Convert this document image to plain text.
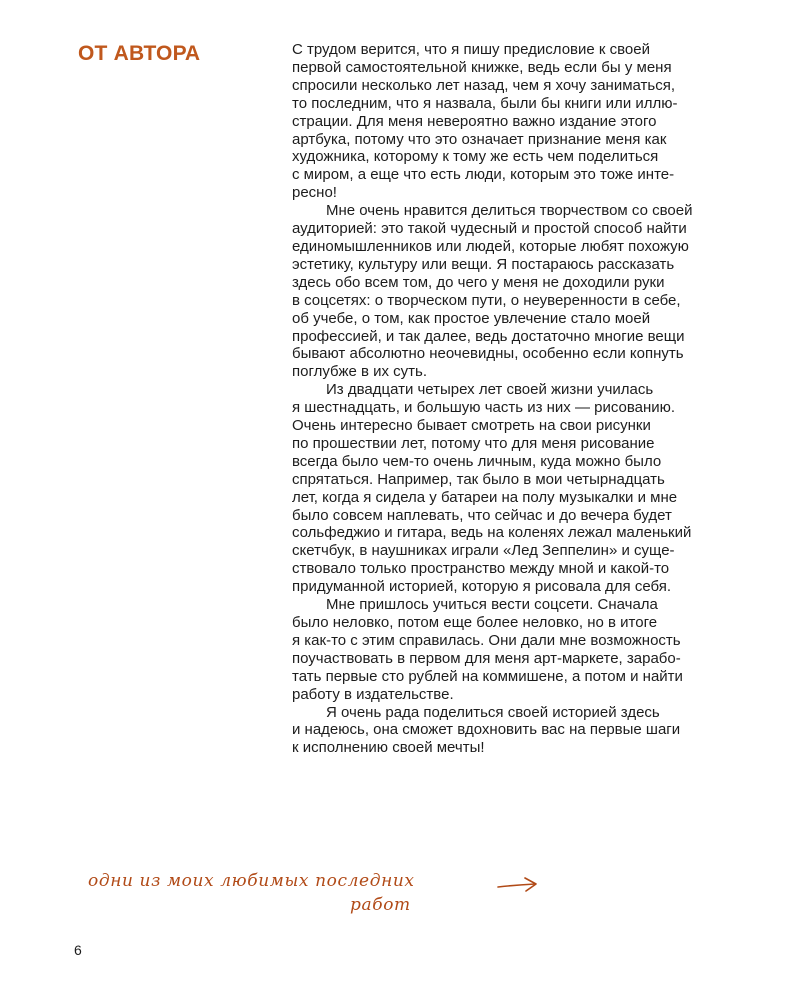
ОТ АВТОРА	С трудом верится, что я пишу предисловие к своей
первой самостоятельной книжке, ведь если бы у меня
спросили несколько лет назад, чем я хочу заниматься,
то последним, что я назвала, были бы книги или иллю-
страции. Для меня невероятно важно издание этого
артбука, потому что это означает признание меня как
художника, которому к тому же есть чем поделиться
с миром, а еще что есть люди, которым это тоже инте-
ресно!

Мне очень нравится делиться творчеством со своей
аудиторией: это такой чудесный и простой способ найти
единомышленников или людей, которые любят похожую
эстетику, культуру или вещи. Я постараюсь рассказать
здесь обо всем том, до чего у меня не доходили руки
в соцсетях: о творческом пути, о неуверенности в себе,
об учебе, о том, как простое увлечение стало моей
профессией, и так далее, ведь достаточно многие вещи
бывают абсолютно неочевидны, особенно если копнуть
поглубже в их суть.

Из двадцати четырех лет своей жизни училась
я шестнадцать, и большую часть из них — рисованию.
Очень интересно бывает смотреть на свои рисунки
по прошествии лет, потому что для меня рисование
всегда было чем-то очень личным, куда можно было
спрятаться. Например, так было в мои четырнадцать
лет, когда я сидела у батареи на полу музыкалки и мне
было совсем наплевать, что сейчас и до вечера будет
сольфеджио и гитара, ведь на коленях лежал маленький
скетчбук, в наушниках играли «Лед Зеппелин» и суще-
ствовало только пространство между мной и какой-то
придуманной историей, которую я рисовала для себя.

Мне пришлось учиться вести соцсети. Сначала
было неловко, потом еще более неловко, но в итоге
я как-то с этим справилась. Они дали мне возможность
поучаствовать в первом для меня арт-маркете, зарабо-
тать первые сто рублей на коммишене, а потом и найти
работу в издательстве.

Я очень рада поделиться своей историей здесь
и надеюсь, она сможет вдохновить вас на первые шаги
к исполнению своей мечты!

одни из моих любимых последних
работ
6
